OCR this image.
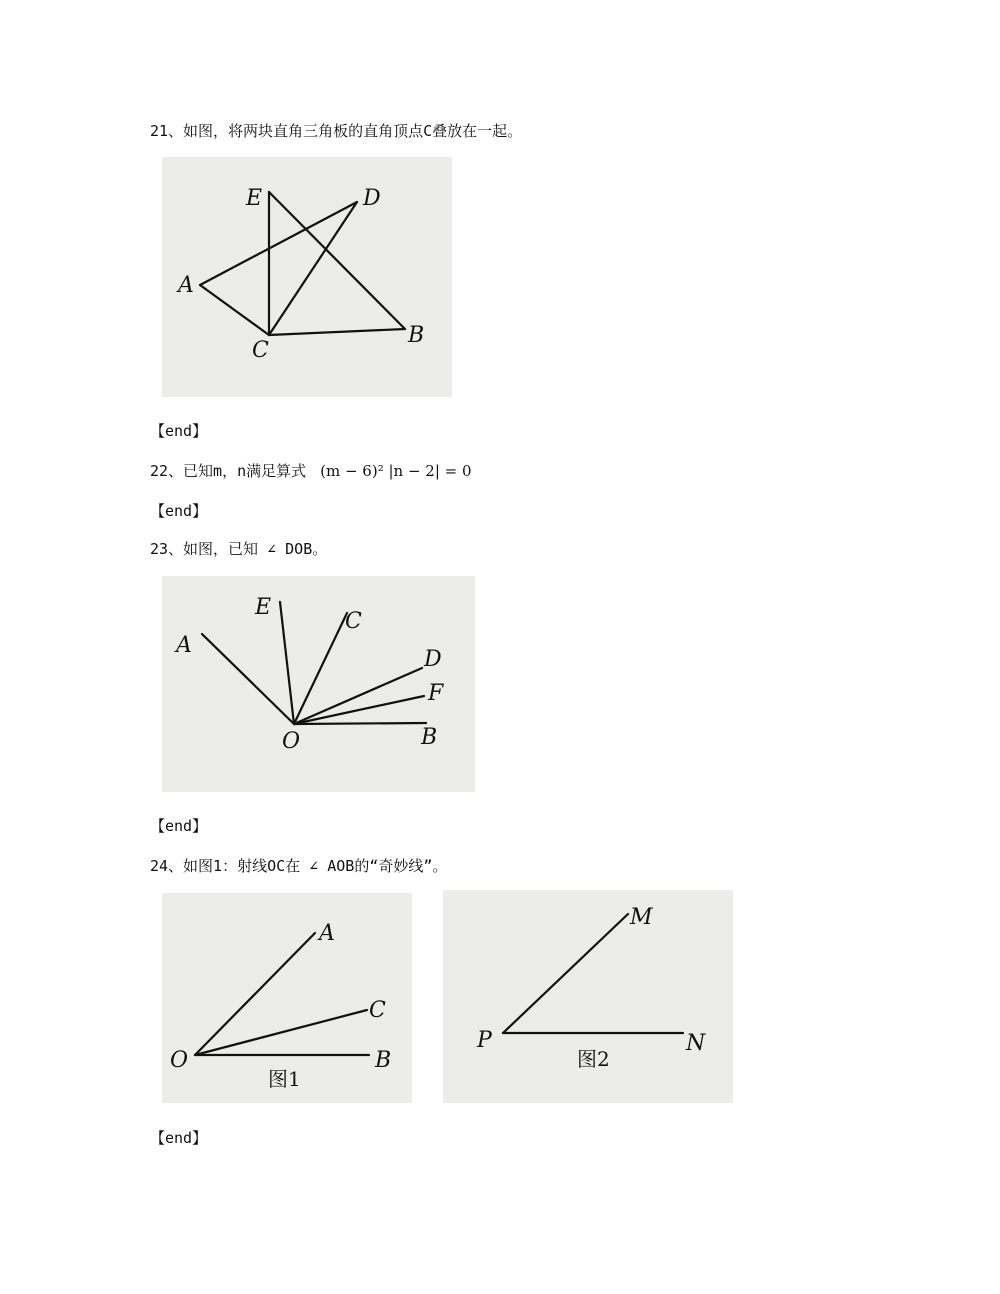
21、如图，将两块直角三角板的直角顶点C叠放在一起。
E	D
A
B
C
【end】
22、已知m，n满足算式 (m − 6)² |n − 2| = 0
【end】
23、如图，已知 ∠ DOB。
A
E
C
D
F
O	B
【end】
24、如图1：射线OC在 ∠ AOB的“奇妙线”。
A
C
O	B
图1
M
P	N
图2
【end】
